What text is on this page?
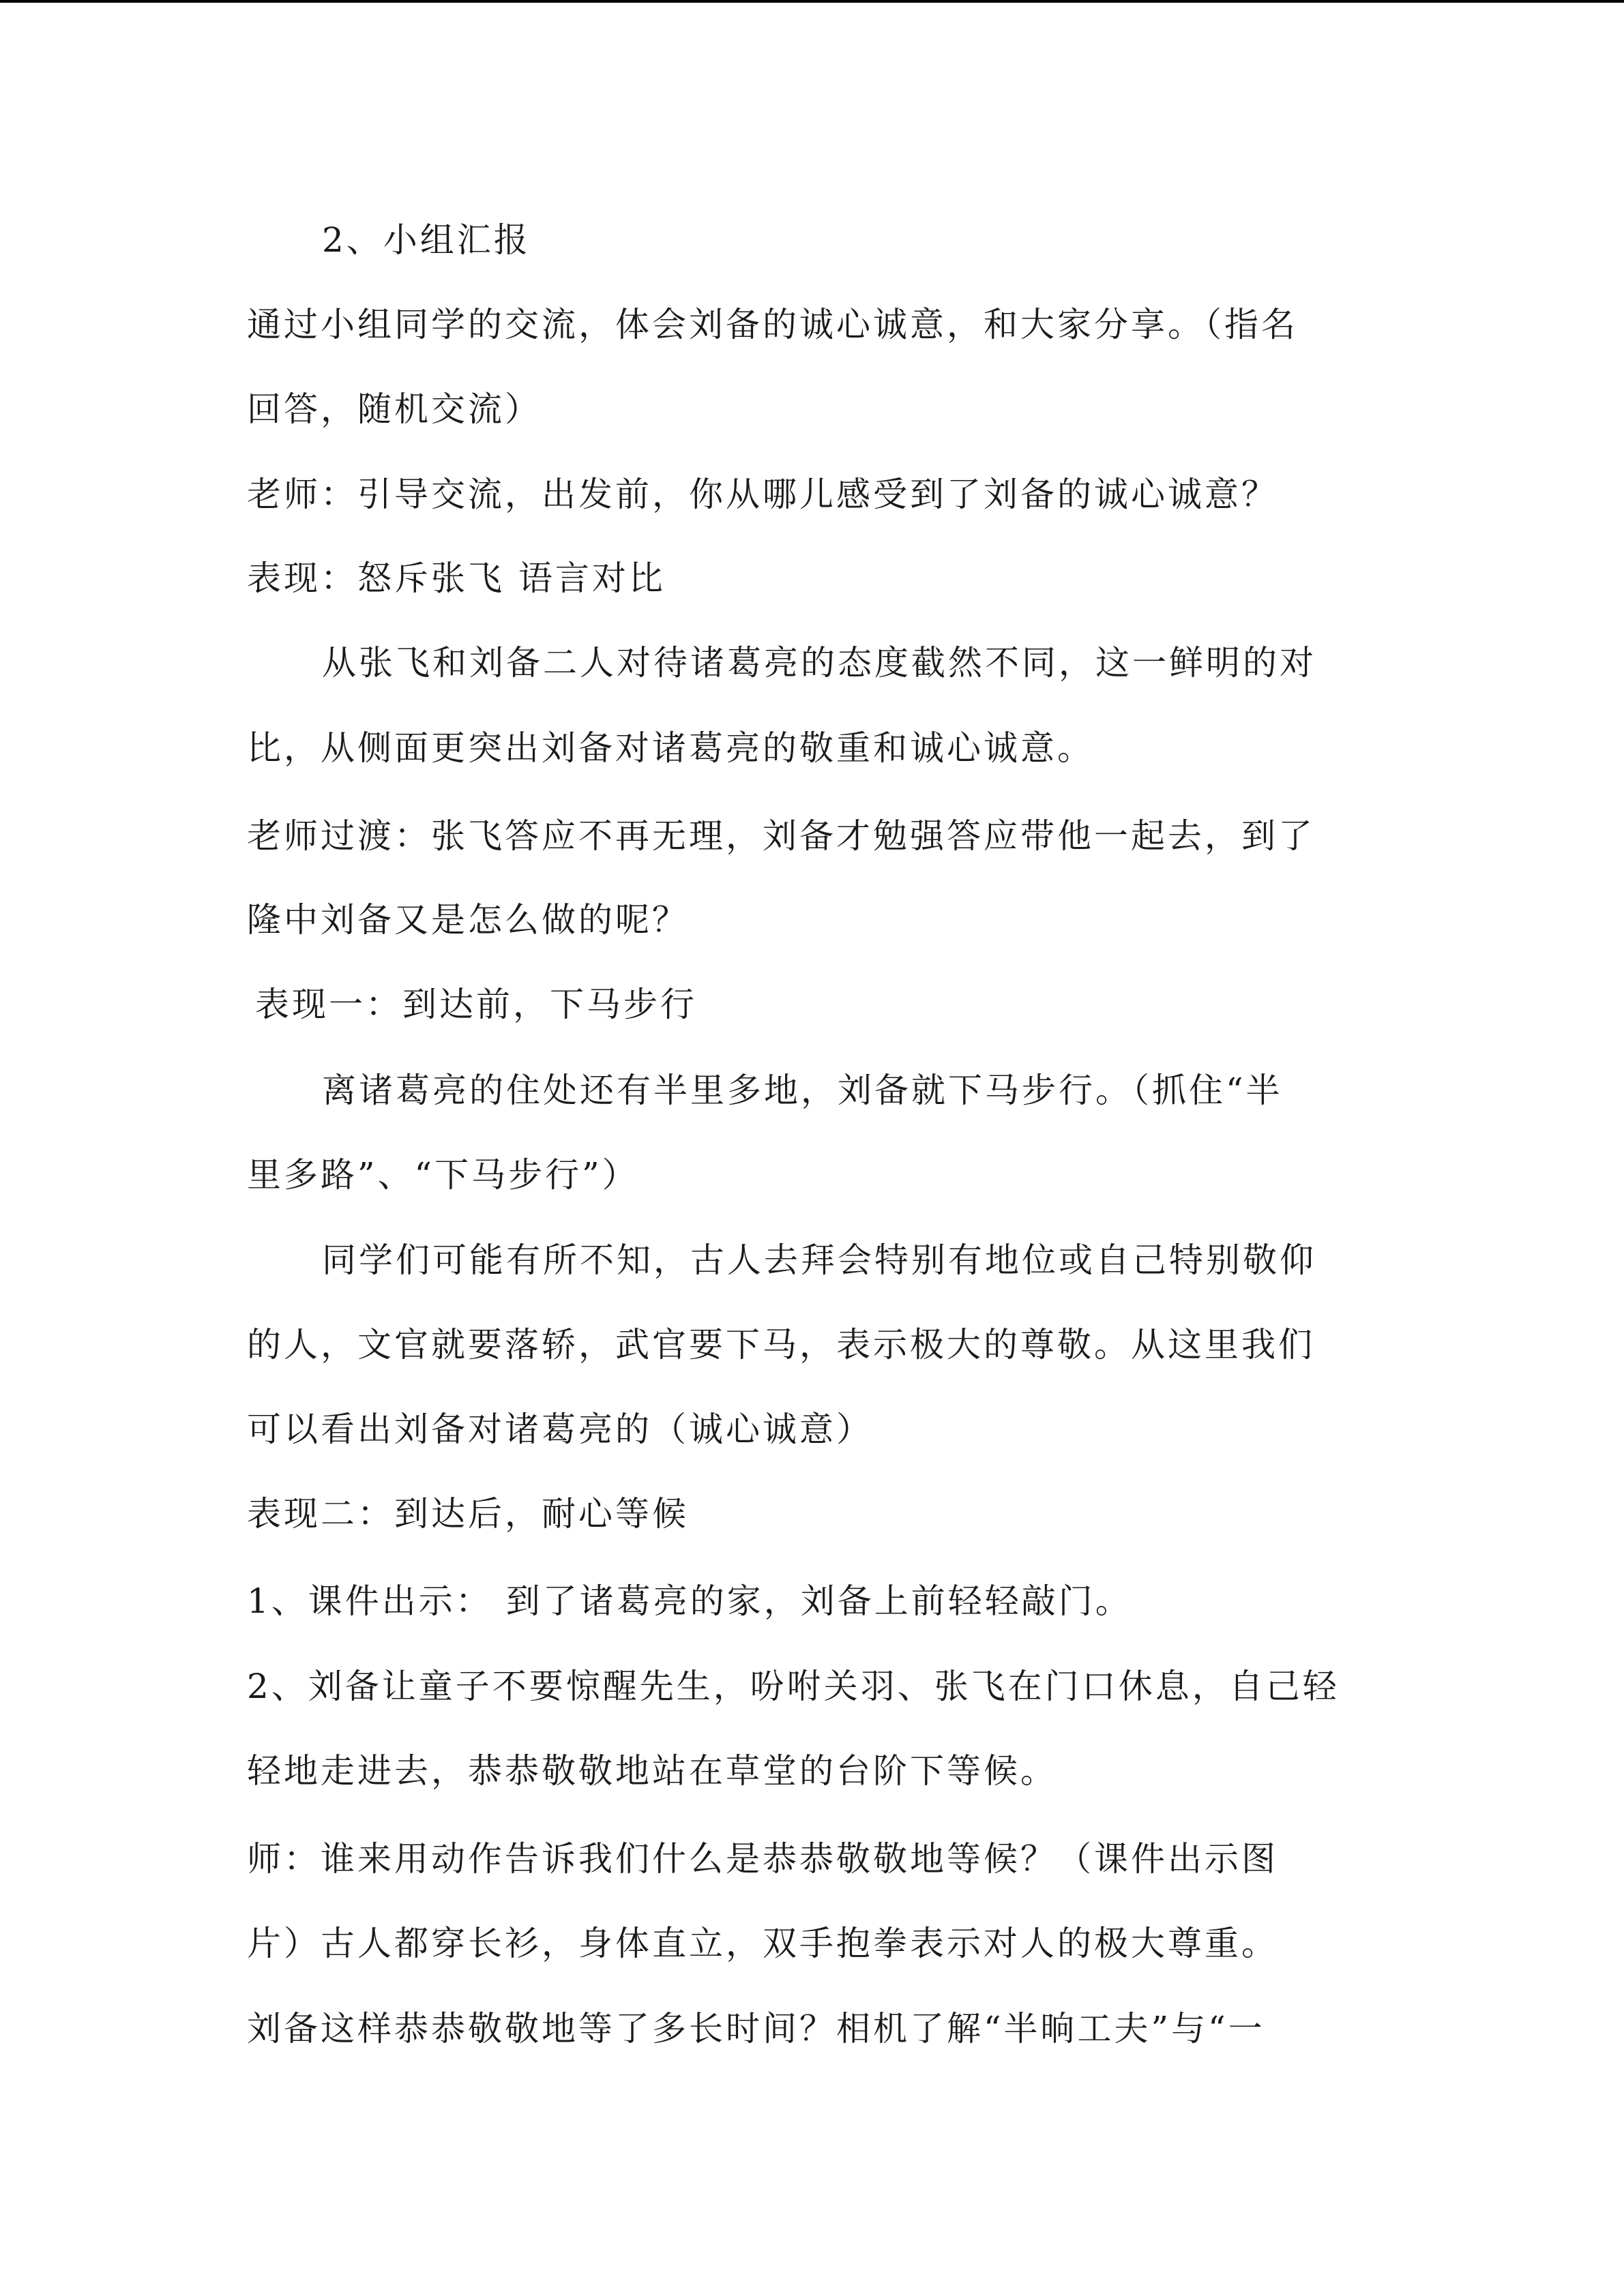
2、小组汇报
通过小组同学的交流，体会刘备的诚心诚意，和大家分享。（指名
回答，随机交流）
老师：引导交流，出发前，你从哪儿感受到了刘备的诚心诚意？
表现：怒斥张飞 语言对比
从张飞和刘备二人对待诸葛亮的态度截然不同，这一鲜明的对
比，从侧面更突出刘备对诸葛亮的敬重和诚心诚意。
老师过渡：张飞答应不再无理，刘备才勉强答应带他一起去，到了
隆中刘备又是怎么做的呢？
表现一：到达前，下马步行
离诸葛亮的住处还有半里多地，刘备就下马步行。（抓住“半
里多路”、“下马步行”）
同学们可能有所不知，古人去拜会特别有地位或自己特别敬仰
的人，文官就要落轿，武官要下马，表示极大的尊敬。从这里我们
可以看出刘备对诸葛亮的（诚心诚意）
表现二：到达后，耐心等候
1、课件出示： 到了诸葛亮的家，刘备上前轻轻敲门。
2、刘备让童子不要惊醒先生，吩咐关羽、张飞在门口休息，自己轻
轻地走进去，恭恭敬敬地站在草堂的台阶下等候。
师：谁来用动作告诉我们什么是恭恭敬敬地等候？（课件出示图
片）古人都穿长衫，身体直立，双手抱拳表示对人的极大尊重。
刘备这样恭恭敬敬地等了多长时间？相机了解“半晌工夫”与“一
